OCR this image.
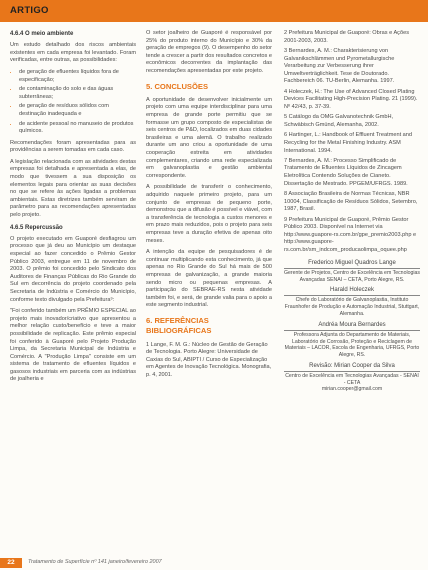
ARTIGO
4.6.4 O meio ambiente

Um estudo detalhado dos riscos ambientais existentes em cada empresa foi levantado. Foram verificadas, entre outras, as possibilidades:

• de geração de efluentes líquidos fora de especificação;
• de contaminação do solo e das águas subterrâneas;
• de geração de resíduos sólidos com destinação inadequada e
• de acidente pessoal no manuseio de produtos químicos.

Recomendações foram apresentadas para as providências a serem tomadas em cada caso.

A legislação relacionada com as atividades destas empresas foi detalhada e apresentada a elas, de modo que tivessem a sua disposição os elementos legais para orientar as suas decisões no que se refere às ações ligadas a problemas ambientais. Estas diretrizes também serviram de parâmetro para as recomendações apresentadas pelo projeto.

4.6.5 Repercussão

O projeto executado em Guaporé desfiagrou um processo que já deu ao Município um destaque especial ao fazer concedido o Prêmio Gestor Público 2003, entregue em 11 de novembro de 2003. O prêmio foi concedido pelo Sindicato dos Auditores de Finanças Públicas do Rio Grande do Sul em decorrência do projeto coordenado pela Secretaria de Indústria e Comércio do Município, conforme texto divulgado pela Prefeitura⁹:

"Foi conferido também um PRÊMIO ESPECIAL ao projeto mais inovador/criativo que apresentou a melhor relação custo/benefício e teve a maior possibilidade de replicação. Este prêmio especial foi conferido à Guaporé pelo Projeto Produção Limpa, da Secretaria Municipal de Indústria e Comércio. A "Produção Limpa" consiste em um sistema de tratamento de efluentes líquidos e gasosos industriais em parceria com as indústrias de joalheria e

O setor joalheiro de Guaporé é responsável por 25% do produto interno do Município e 30% da geração de empregos (9). O desempenho do setor tende a crescer a partir dos resultados concretos e econômicos decorrentes da implantação das recomendações apresentadas por este projeto.

5. CONCLUSÕES

A oportunidade de desenvolver inicialmente um projeto com uma equipe interdisciplinar para uma empresa de grande porte permitiu que se formasse um grupo composto de especialistas de seis centros de P&D, localizados em duas cidades brasileiras e uma alemã. O trabalho realizado durante um ano criou a oportunidade de uma cooperação estreita em atividades complementares, criando uma rede especializada em galvanoplastia e gestão ambiental correspondente.

A possibilidade de transferir o conhecimento, adquirido naquele primeiro projeto, para um conjunto de empresas de pequeno porte, demonstrou que a difusão é possível e viável, com a transferência de tecnologia a custos menores e em prazo mais reduzidos, pois o projeto para seis empresas teve a duração efetiva de apenas oito meses.

A intenção da equipe de pesquisadores é de continuar multiplicando esta conhecimento, já que apenas no Rio Grande do Sul há mais de 500 empresas de galvanização, a grande maioria sendo micro ou pequenas empresas. A participação do SEBRAE-RS nesta atividade também foi, e será, de grande valia para o apoio a este segmento industrial.

6. REFERÊNCIAS BIBLIOGRÁFICAS
1 Lange, F. M. G.: Núcleo de Gestão de Geração de Tecnologia. Porto Alegre: Universidade de Caxias do Sul, ABIPTI / Curso de Especialização em Agentes de Inovação Tecnológica. Monografia, p. 4, 2001.
2 Prefeitura Municipal de Guaporé: Obras e Ações 2001-2003, 2003.
3 Bernardes, A. M.: Charakterisierung von Galvanikschlämmen und Pyrometallurgische Verarbeitung zur Verbesserung ihrer Umweltverträglichkeit. Tese de Doutorado. Fachbereich 06. TU-Berlin, Alemanha. 1997.
4 Holeczek, H.: The Use of Advanced Closed Plating Devices Facilitating High-Precision Plating. 21 (1999). Nº 42/43, p. 37-39.
5 Catálogo da OMG Galvanotechnik GmbH, Schwäbisch Gmünd, Alemanha, 2002.
6 Hartinger, L.: Handbook of Effluent Treatment and Recycling for the Metal Finishing Industry. ASM International. 1994.
7 Bernardes, A. M.: Processo Simplificado de Tratamento de Efluentes Líquidos de Zincagem Eletrolítica Contendo Soluções de Cianeto. Dissertação de Mestrado. PPGEM/UFRGS. 1989.
8 Associação Brasileira de Normas Técnicas, NBR 10004, Classificação de Resíduos Sólidos, Setembro, 1987, Brasil.
9 Prefeitura Municipal de Guaporé, Prêmio Gestor Público 2003. Disponível na Internet via http://www.guapore-rs.com.br/gpe_premio2003.php e http://www.guapore-rs.com.br/sm_indcom_producaolimpa_oquee.php
Frederico Miguel Quadros Lange
Gerente de Projetos, Centro de Excelência em Tecnologias Avançadas SENAI – CETA, Porto Alegre, RS.
Harald Holeczek
Chefe do Laboratório de Galvanoplastia, Instituto Fraunhofer de Produção e Automação Industrial, Stuttgart, Alemanha.
Andréa Moura Bernardes
Professora Adjunta do Departamento de Materiais, Laboratório de Corrosão, Proteção e Reciclagem de Materiais – LACOR, Escola de Engenharia, UFRGS, Porto Alegre, RS.
Revisão: Mirian Cooper da Silva
Centro de Excelência em Tecnologias Avançadas - SENAI - CETA
mirian.cooper@gmail.com
22	Tratamento de Superfície nº 141 janeiro/fevereiro 2007
